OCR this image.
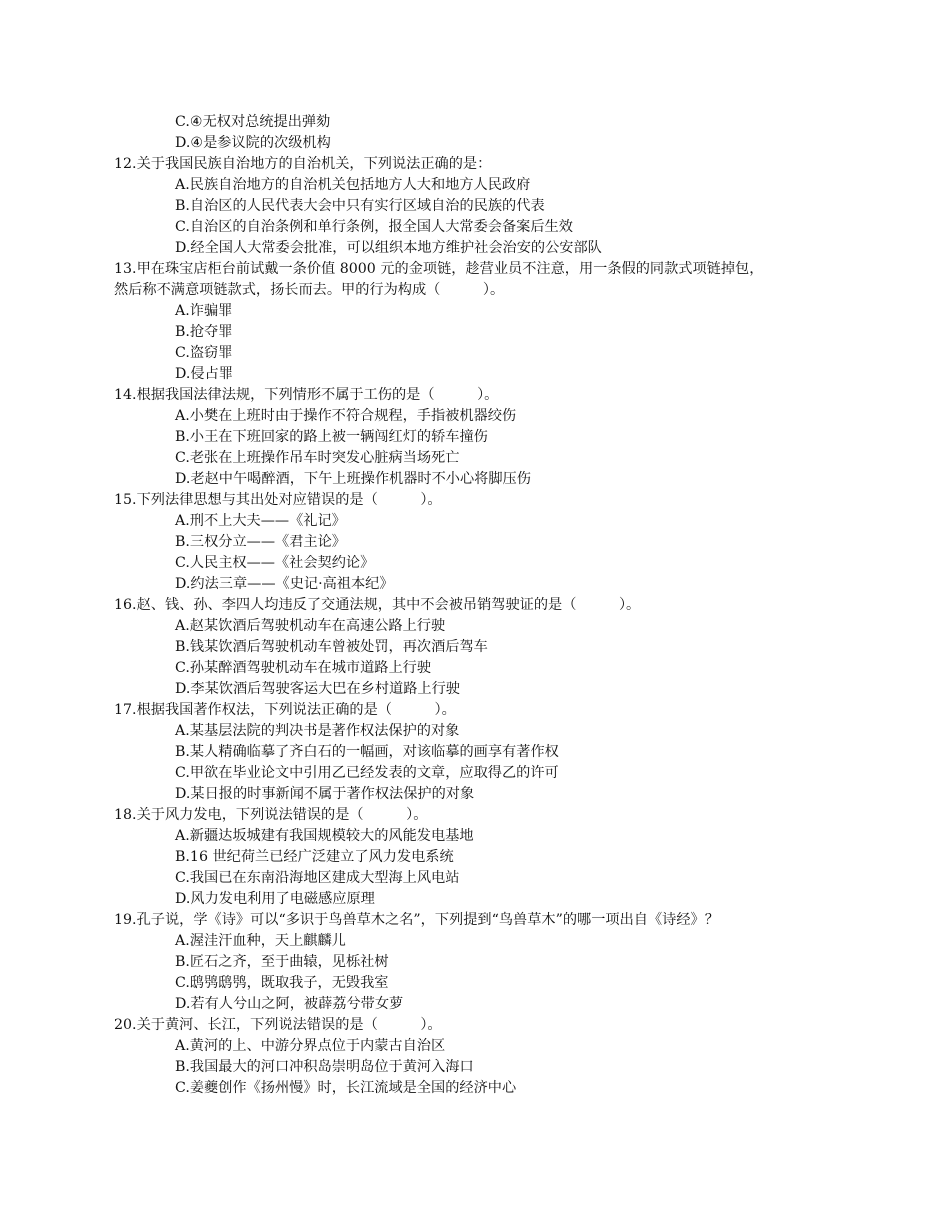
C.④无权对总统提出弹劾
D.④是参议院的次级机构
12.关于我国民族自治地方的自治机关，下列说法正确的是：
A.民族自治地方的自治机关包括地方人大和地方人民政府
B.自治区的人民代表大会中只有实行区域自治的民族的代表
C.自治区的自治条例和单行条例，报全国人大常委会备案后生效
D.经全国人大常委会批准，可以组织本地方维护社会治安的公安部队
13.甲在珠宝店柜台前试戴一条价值 8000 元的金项链，趁营业员不注意，用一条假的同款式项链掉包，
然后称不满意项链款式，扬长而去。甲的行为构成（　　　）。
A.诈骗罪
B.抢夺罪
C.盗窃罪
D.侵占罪
14.根据我国法律法规，下列情形不属于工伤的是（　　　）。
A.小樊在上班时由于操作不符合规程，手指被机器绞伤
B.小王在下班回家的路上被一辆闯红灯的轿车撞伤
C.老张在上班操作吊车时突发心脏病当场死亡
D.老赵中午喝醉酒，下午上班操作机器时不小心将脚压伤
15.下列法律思想与其出处对应错误的是（　　　）。
A.刑不上大夫——《礼记》
B.三权分立——《君主论》
C.人民主权——《社会契约论》
D.约法三章——《史记·高祖本纪》
16.赵、钱、孙、李四人均违反了交通法规，其中不会被吊销驾驶证的是（　　　）。
A.赵某饮酒后驾驶机动车在高速公路上行驶
B.钱某饮酒后驾驶机动车曾被处罚，再次酒后驾车
C.孙某醉酒驾驶机动车在城市道路上行驶
D.李某饮酒后驾驶客运大巴在乡村道路上行驶
17.根据我国著作权法，下列说法正确的是（　　　）。
A.某基层法院的判决书是著作权法保护的对象
B.某人精确临摹了齐白石的一幅画，对该临摹的画享有著作权
C.甲欲在毕业论文中引用乙已经发表的文章，应取得乙的许可
D.某日报的时事新闻不属于著作权法保护的对象
18.关于风力发电，下列说法错误的是（　　　）。
A.新疆达坂城建有我国规模较大的风能发电基地
B.16 世纪荷兰已经广泛建立了风力发电系统
C.我国已在东南沿海地区建成大型海上风电站
D.风力发电利用了电磁感应原理
19.孔子说，学《诗》可以“多识于鸟兽草木之名”，下列提到“鸟兽草木”的哪一项出自《诗经》？
A.渥洼汗血种，天上麒麟儿
B.匠石之齐，至于曲辕，见栎社树
C.鸱鸮鸱鸮，既取我子，无毁我室
D.若有人兮山之阿，被薜荔兮带女萝
20.关于黄河、长江，下列说法错误的是（　　　）。
A.黄河的上、中游分界点位于内蒙古自治区
B.我国最大的河口冲积岛崇明岛位于黄河入海口
C.姜夔创作《扬州慢》时，长江流域是全国的经济中心
